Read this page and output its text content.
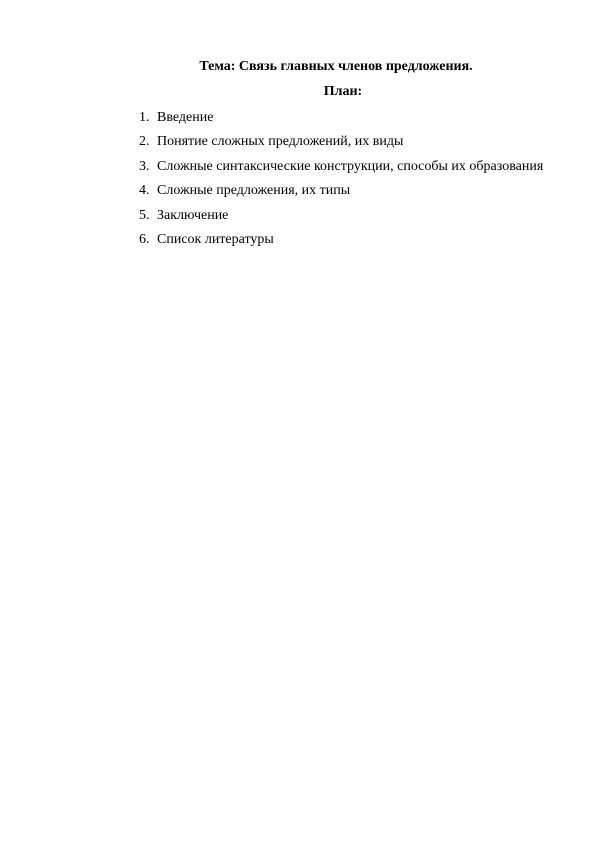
Тема: Связь главных членов предложения.
План:
1. Введение
2. Понятие сложных предложений, их виды
3. Сложные синтаксические конструкции, способы их образования
4. Сложные предложения, их типы
5. Заключение
6. Список литературы
